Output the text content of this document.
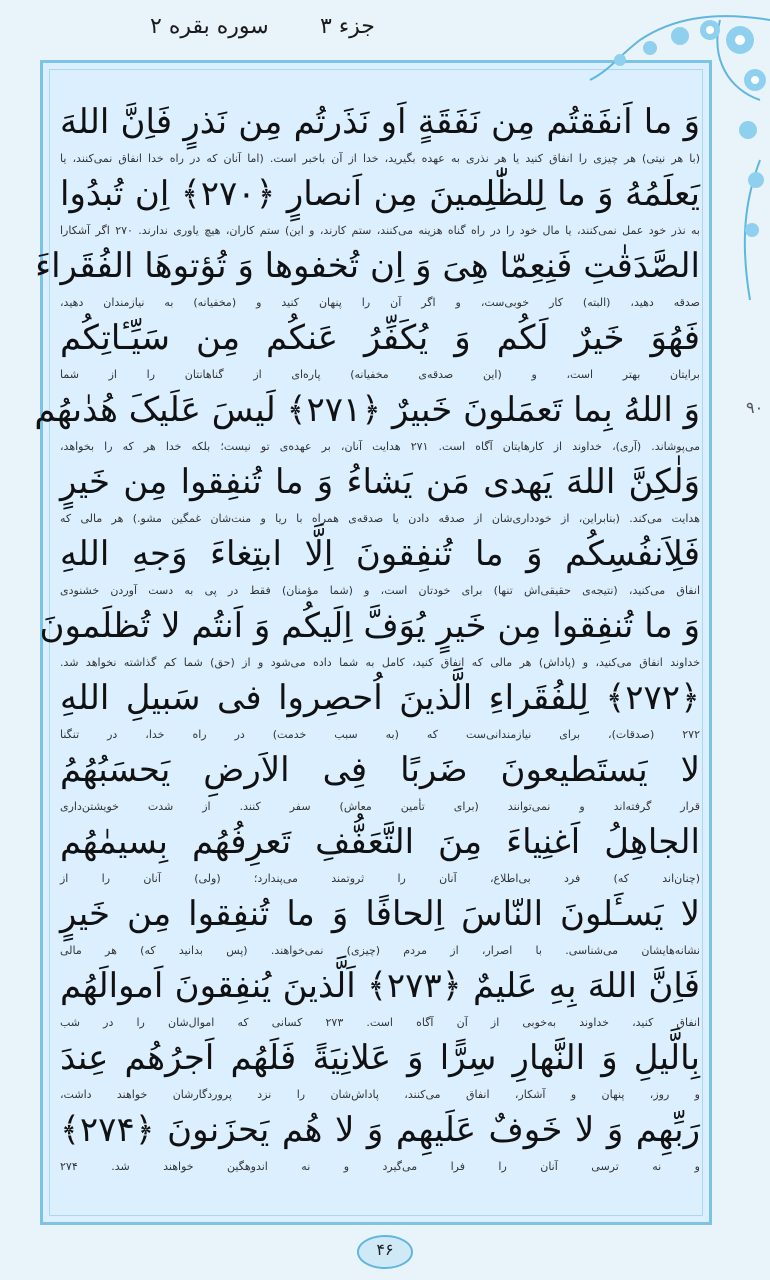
جزء ۳
سوره بقره ۲
۹۰
وَ ما اَنفَقتُم مِن نَفَقَةٍ اَو نَذَرتُم مِن نَذرٍ فَاِنَّ اللهَ
(با هر نیتی) هر چیزی را انفاق کنید یا هر نذری به عهده بگیرید، خدا از آن باخبر است. (اما آنان که در راه خدا انفاق نمی‌کنند، یا
یَعلَمُهُ وَ ما لِلظّٰلِمینَ مِن اَنصارٍ ﴿۲۷۰﴾ اِن تُبدُوا
به نذر خود عمل نمی‌کنند، یا مال خود را در راه گناه هزینه می‌کنند، ستم کارند، و این) ستم کاران، هیچ یاوری ندارند. ۲۷۰ اگر آشکارا
الصَّدَقٰتِ فَنِعِمّا هِیَ وَ اِن تُخفوها وَ تُؤتوهَا الفُقَراءَ
صدقه دهید، (البته) کار خوبی‌ست، و اگر آن را پنهان کنید و (مخفیانه) به نیازمندان دهید،
فَهُوَ خَیرٌ لَکُم وَ یُکَفِّرُ عَنکُم مِن سَیِّـٔاتِکُم
برایتان بهتر است، و (این صدقه‌ی مخفیانه) پاره‌ای از گناهانتان را از شما
وَ اللهُ بِما تَعمَلونَ خَبیرٌ ﴿۲۷۱﴾ لَیسَ عَلَیکَ هُدٰىهُم
می‌پوشاند. (آری)، خداوند از کارهایتان آگاه است. ۲۷۱ هدایت آنان، بر عهده‌ی تو نیست؛ بلکه خدا هر که را بخواهد،
وَلٰکِنَّ اللهَ یَهدی مَن یَشاءُ وَ ما تُنفِقوا مِن خَیرٍ
هدایت می‌کند. (بنابراین، از خودداری‌شان از صدقه دادن یا صدقه‌ی همراه با ریا و منت‌شان غمگین مشو.) هر مالی که
فَلِاَنفُسِکُم وَ ما تُنفِقونَ اِلَّا ابتِغاءَ وَجهِ اللهِ
انفاق می‌کنید، (نتیجه‌ی حقیقی‌اش تنها) برای خودتان است، و (شما مؤمنان) فقط در پی به دست آوردن خشنودی
وَ ما تُنفِقوا مِن خَیرٍ یُوَفَّ اِلَیکُم وَ اَنتُم لا تُظلَمونَ
خداوند انفاق می‌کنید، و (پاداش) هر مالی که انفاق کنید، کامل به شما داده می‌شود و از (حق) شما کم گذاشته نخواهد شد.
﴿۲۷۲﴾ لِلفُقَراءِ الَّذینَ اُحصِروا فی سَبیلِ اللهِ
۲۷۲ (صدقات)، برای نیازمندانی‌ست که (به سبب خدمت) در راه خدا، در تنگنا
لا یَستَطیعونَ ضَربًا فِی الاَرضِ یَحسَبُهُمُ
قرار گرفته‌اند و نمی‌توانند (برای تأمین معاش) سفر کنند. از شدت خویشتن‌داری
الجاهِلُ اَغنِیاءَ مِنَ التَّعَفُّفِ تَعرِفُهُم بِسیمٰهُم
(چنان‌اند که) فرد بی‌اطلاع، آنان را ثروتمند می‌پندارد؛ (ولی) آنان را از
لا یَسـَٔلونَ النّاسَ اِلحافًا وَ ما تُنفِقوا مِن خَیرٍ
نشانه‌هایشان می‌شناسی. با اصرار، از مردم (چیزی) نمی‌خواهند. (پس بدانید که) هر مالی
فَاِنَّ اللهَ بِهِ عَلیمٌ ﴿۲۷۳﴾ اَلَّذینَ یُنفِقونَ اَموالَهُم
انفاق کنید، خداوند به‌خوبی از آن آگاه است. ۲۷۳ کسانی که اموال‌شان را در شب
بِالَّیلِ وَ النَّهارِ سِرًّا وَ عَلانِیَةً فَلَهُم اَجرُهُم عِندَ
و روز، پنهان و آشکار، انفاق می‌کنند، پاداش‌شان را نزد پروردگارشان خواهند داشت،
رَبِّهِم وَ لا خَوفٌ عَلَیهِم وَ لا هُم یَحزَنونَ ﴿۲۷۴﴾
و نه ترسی آنان را فرا می‌گیرد و نه اندوهگین خواهند شد. ۲۷۴
۴۶
